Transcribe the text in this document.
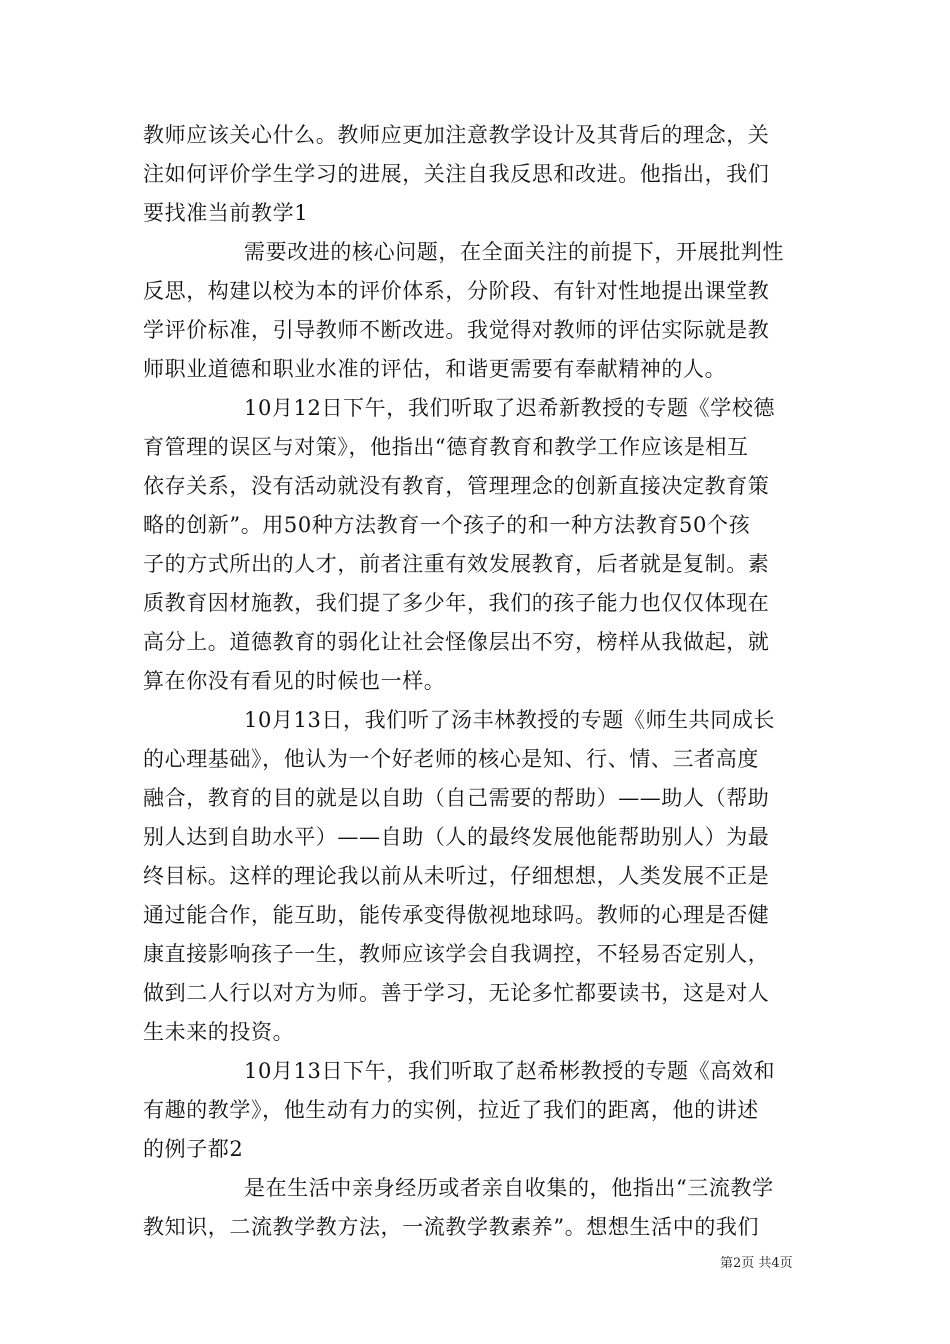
教师应该关心什么。教师应更加注意教学设计及其背后的理念，关
注如何评价学生学习的进展，关注自我反思和改进。他指出，我们
要找准当前教学1
需要改进的核心问题，在全面关注的前提下，开展批判性
反思，构建以校为本的评价体系，分阶段、有针对性地提出课堂教
学评价标准，引导教师不断改进。我觉得对教师的评估实际就是教
师职业道德和职业水准的评估，和谐更需要有奉献精神的人。
10月12日下午，我们听取了迟希新教授的专题《学校德
育管理的误区与对策》，他指出“德育教育和教学工作应该是相互
依存关系，没有活动就没有教育，管理理念的创新直接决定教育策
略的创新”。用50种方法教育一个孩子的和一种方法教育50个孩
子的方式所出的人才，前者注重有效发展教育，后者就是复制。素
质教育因材施教，我们提了多少年，我们的孩子能力也仅仅体现在
高分上。道德教育的弱化让社会怪像层出不穷，榜样从我做起，就
算在你没有看见的时候也一样。
10月13日，我们听了汤丰林教授的专题《师生共同成长
的心理基础》，他认为一个好老师的核心是知、行、情、三者高度
融合，教育的目的就是以自助（自己需要的帮助）——助人（帮助
别人达到自助水平）——自助（人的最终发展他能帮助别人）为最
终目标。这样的理论我以前从未听过，仔细想想，人类发展不正是
通过能合作，能互助，能传承变得傲视地球吗。教师的心理是否健
康直接影响孩子一生，教师应该学会自我调控，不轻易否定别人，
做到二人行以对方为师。善于学习，无论多忙都要读书，这是对人
生未来的投资。
10月13日下午，我们听取了赵希彬教授的专题《高效和
有趣的教学》，他生动有力的实例，拉近了我们的距离，他的讲述
的例子都2
是在生活中亲身经历或者亲自收集的，他指出“三流教学
教知识，二流教学教方法，一流教学教素养”。想想生活中的我们
第2页 共4页
